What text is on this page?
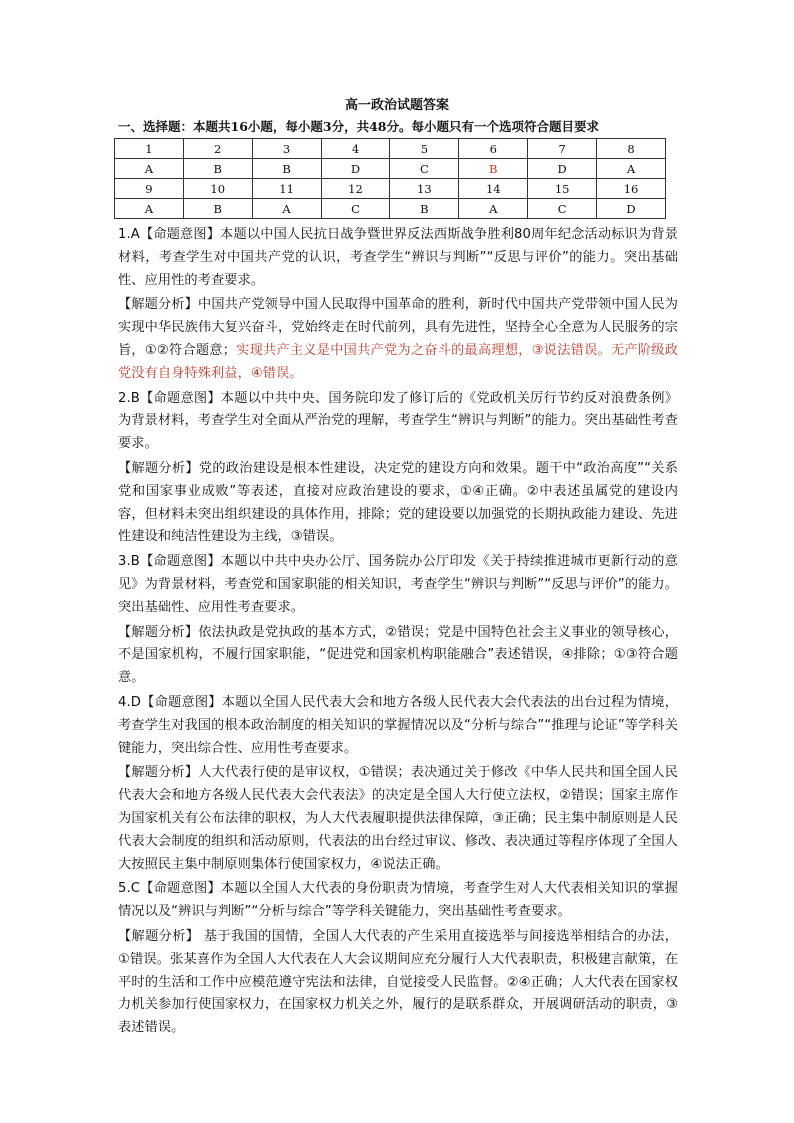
高一政治试题答案
一、选择题：本题共16小题，每小题3分，共48分。每小题只有一个选项符合题目要求
1	2	3	4	5	6	7	8
A	B	B	D	C	B	D	A
9	10	11	12	13	14	15	16
A	B	A	C	B	A	C	D
1.A【命题意图】本题以中国人民抗日战争暨世界反法西斯战争胜利80周年纪念活动标识为背景材料，考查学生对中国共产党的认识，考查学生“辨识与判断”“反思与评价”的能力。突出基础性、应用性的考查要求。
【解题分析】中国共产党领导中国人民取得中国革命的胜利，新时代中国共产党带领中国人民为实现中华民族伟大复兴奋斗，党始终走在时代前列，具有先进性，坚持全心全意为人民服务的宗旨，①②符合题意；实现共产主义是中国共产党为之奋斗的最高理想，③说法错误。无产阶级政党没有自身特殊利益，④错误。
2.B【命题意图】本题以中共中央、国务院印发了修订后的《党政机关厉行节约反对浪费条例》为背景材料，考查学生对全面从严治党的理解，考查学生“辨识与判断”的能力。突出基础性考查要求。
【解题分析】党的政治建设是根本性建设，决定党的建设方向和效果。题干中“政治高度”“关系党和国家事业成败”等表述，直接对应政治建设的要求，①④正确。②中表述虽属党的建设内容，但材料未突出组织建设的具体作用，排除；党的建设要以加强党的长期执政能力建设、先进性建设和纯洁性建设为主线，③错误。
3.B【命题意图】本题以中共中央办公厅、国务院办公厅印发《关于持续推进城市更新行动的意见》为背景材料，考查党和国家职能的相关知识，考查学生“辨识与判断”“反思与评价”的能力。突出基础性、应用性考查要求。
【解题分析】依法执政是党执政的基本方式，②错误；党是中国特色社会主义事业的领导核心，不是国家机构，不履行国家职能，“促进党和国家机构职能融合”表述错误，④排除；①③符合题意。
4.D【命题意图】本题以全国人民代表大会和地方各级人民代表大会代表法的出台过程为情境，考查学生对我国的根本政治制度的相关知识的掌握情况以及“分析与综合”“推理与论证”等学科关键能力，突出综合性、应用性考查要求。
【解题分析】人大代表行使的是审议权，①错误；表决通过关于修改《中华人民共和国全国人民代表大会和地方各级人民代表大会代表法》的决定是全国人大行使立法权，②错误；国家主席作为国家机关有公布法律的职权，为人大代表履职提供法律保障，③正确；民主集中制原则是人民代表大会制度的组织和活动原则，代表法的出台经过审议、修改、表决通过等程序体现了全国人大按照民主集中制原则集体行使国家权力，④说法正确。
5.C【命题意图】本题以全国人大代表的身份职责为情境，考查学生对人大代表相关知识的掌握情况以及“辨识与判断”“分析与综合”等学科关键能力，突出基础性考查要求。
【解题分析】 基于我国的国情，全国人大代表的产生采用直接选举与间接选举相结合的办法，①错误。张某喜作为全国人大代表在人大会议期间应充分履行人大代表职责，积极建言献策，在平时的生活和工作中应模范遵守宪法和法律，自觉接受人民监督。②④正确；人大代表在国家权力机关参加行使国家权力，在国家权力机关之外，履行的是联系群众，开展调研活动的职责，③表述错误。
